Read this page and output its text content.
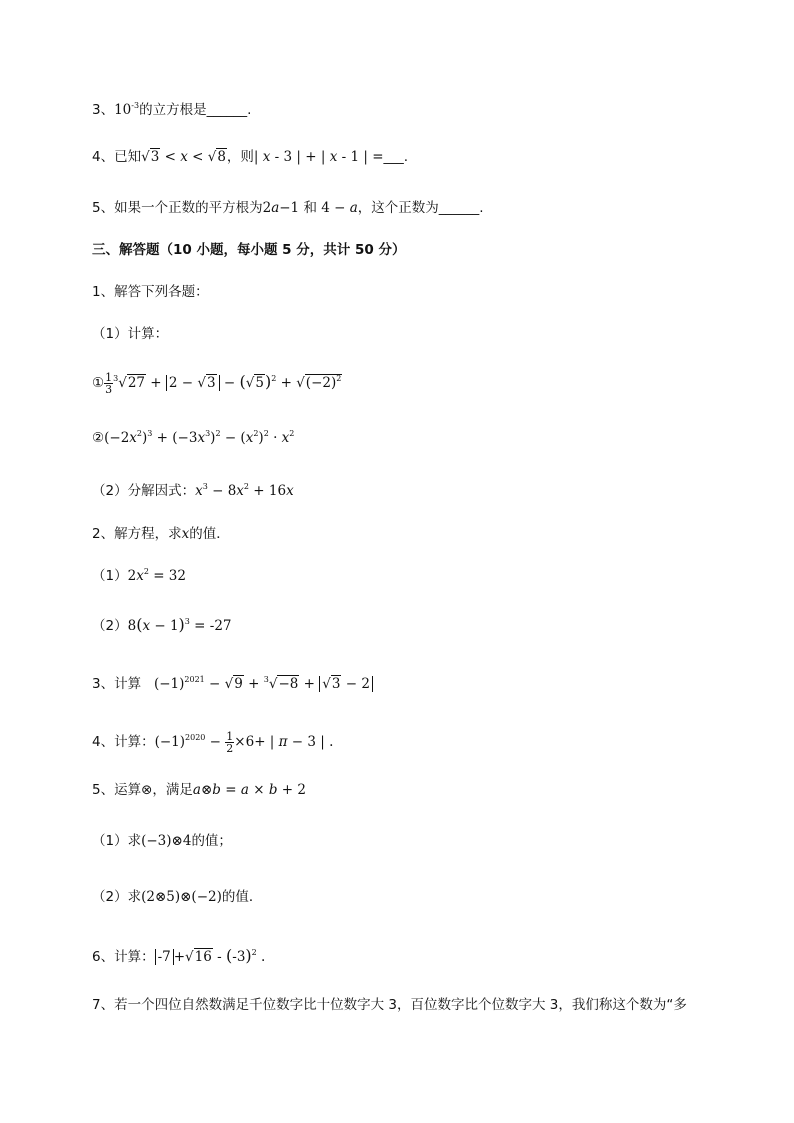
3、$10^{-3}$的立方根是______.
4、已知√3 < x < √8，则| x - 3 | + | x - 1 | =___.
5、如果一个正数的平方根为2a−1 和 4 − a，这个正数为______.
三、解答题（10 小题，每小题 5 分，共计 50 分）
1、解答下列各题：
（1）计算：
① $\frac{1}{3} ^3√27 + 2 - √3 - (√5)^2 + √(-2)^2$
$②(-2x^2)^3 + (-3x^3)^2 - (x^2)^2 \cdot x^2$
（2）分解因式：$x^3 - 8x^2 + 16x$
2、解方程，求x的值．
$(1)2x^2 = 32$
$(2)8(x - 1)^3 = -27$
3、计算 $(-1)^{2021} - √9 + ^3√-8 + √3 - 2$
4、计算：$(-1)^{2020} - \frac{1}{2} \times 6+$ | π − 3 | .
5、运算⊗，满足a⊗b = a × b + 2
（1）求(−3)⊗4的值；
（2）求(2⊗5)⊗(−2)的值．
6、计算： $-7 +√16 - (-3)^2$ .
7、若一个四位自然数满足千位数字比十位数字大 3，百位数字比个位数字大 3，我们称这个数为“多
